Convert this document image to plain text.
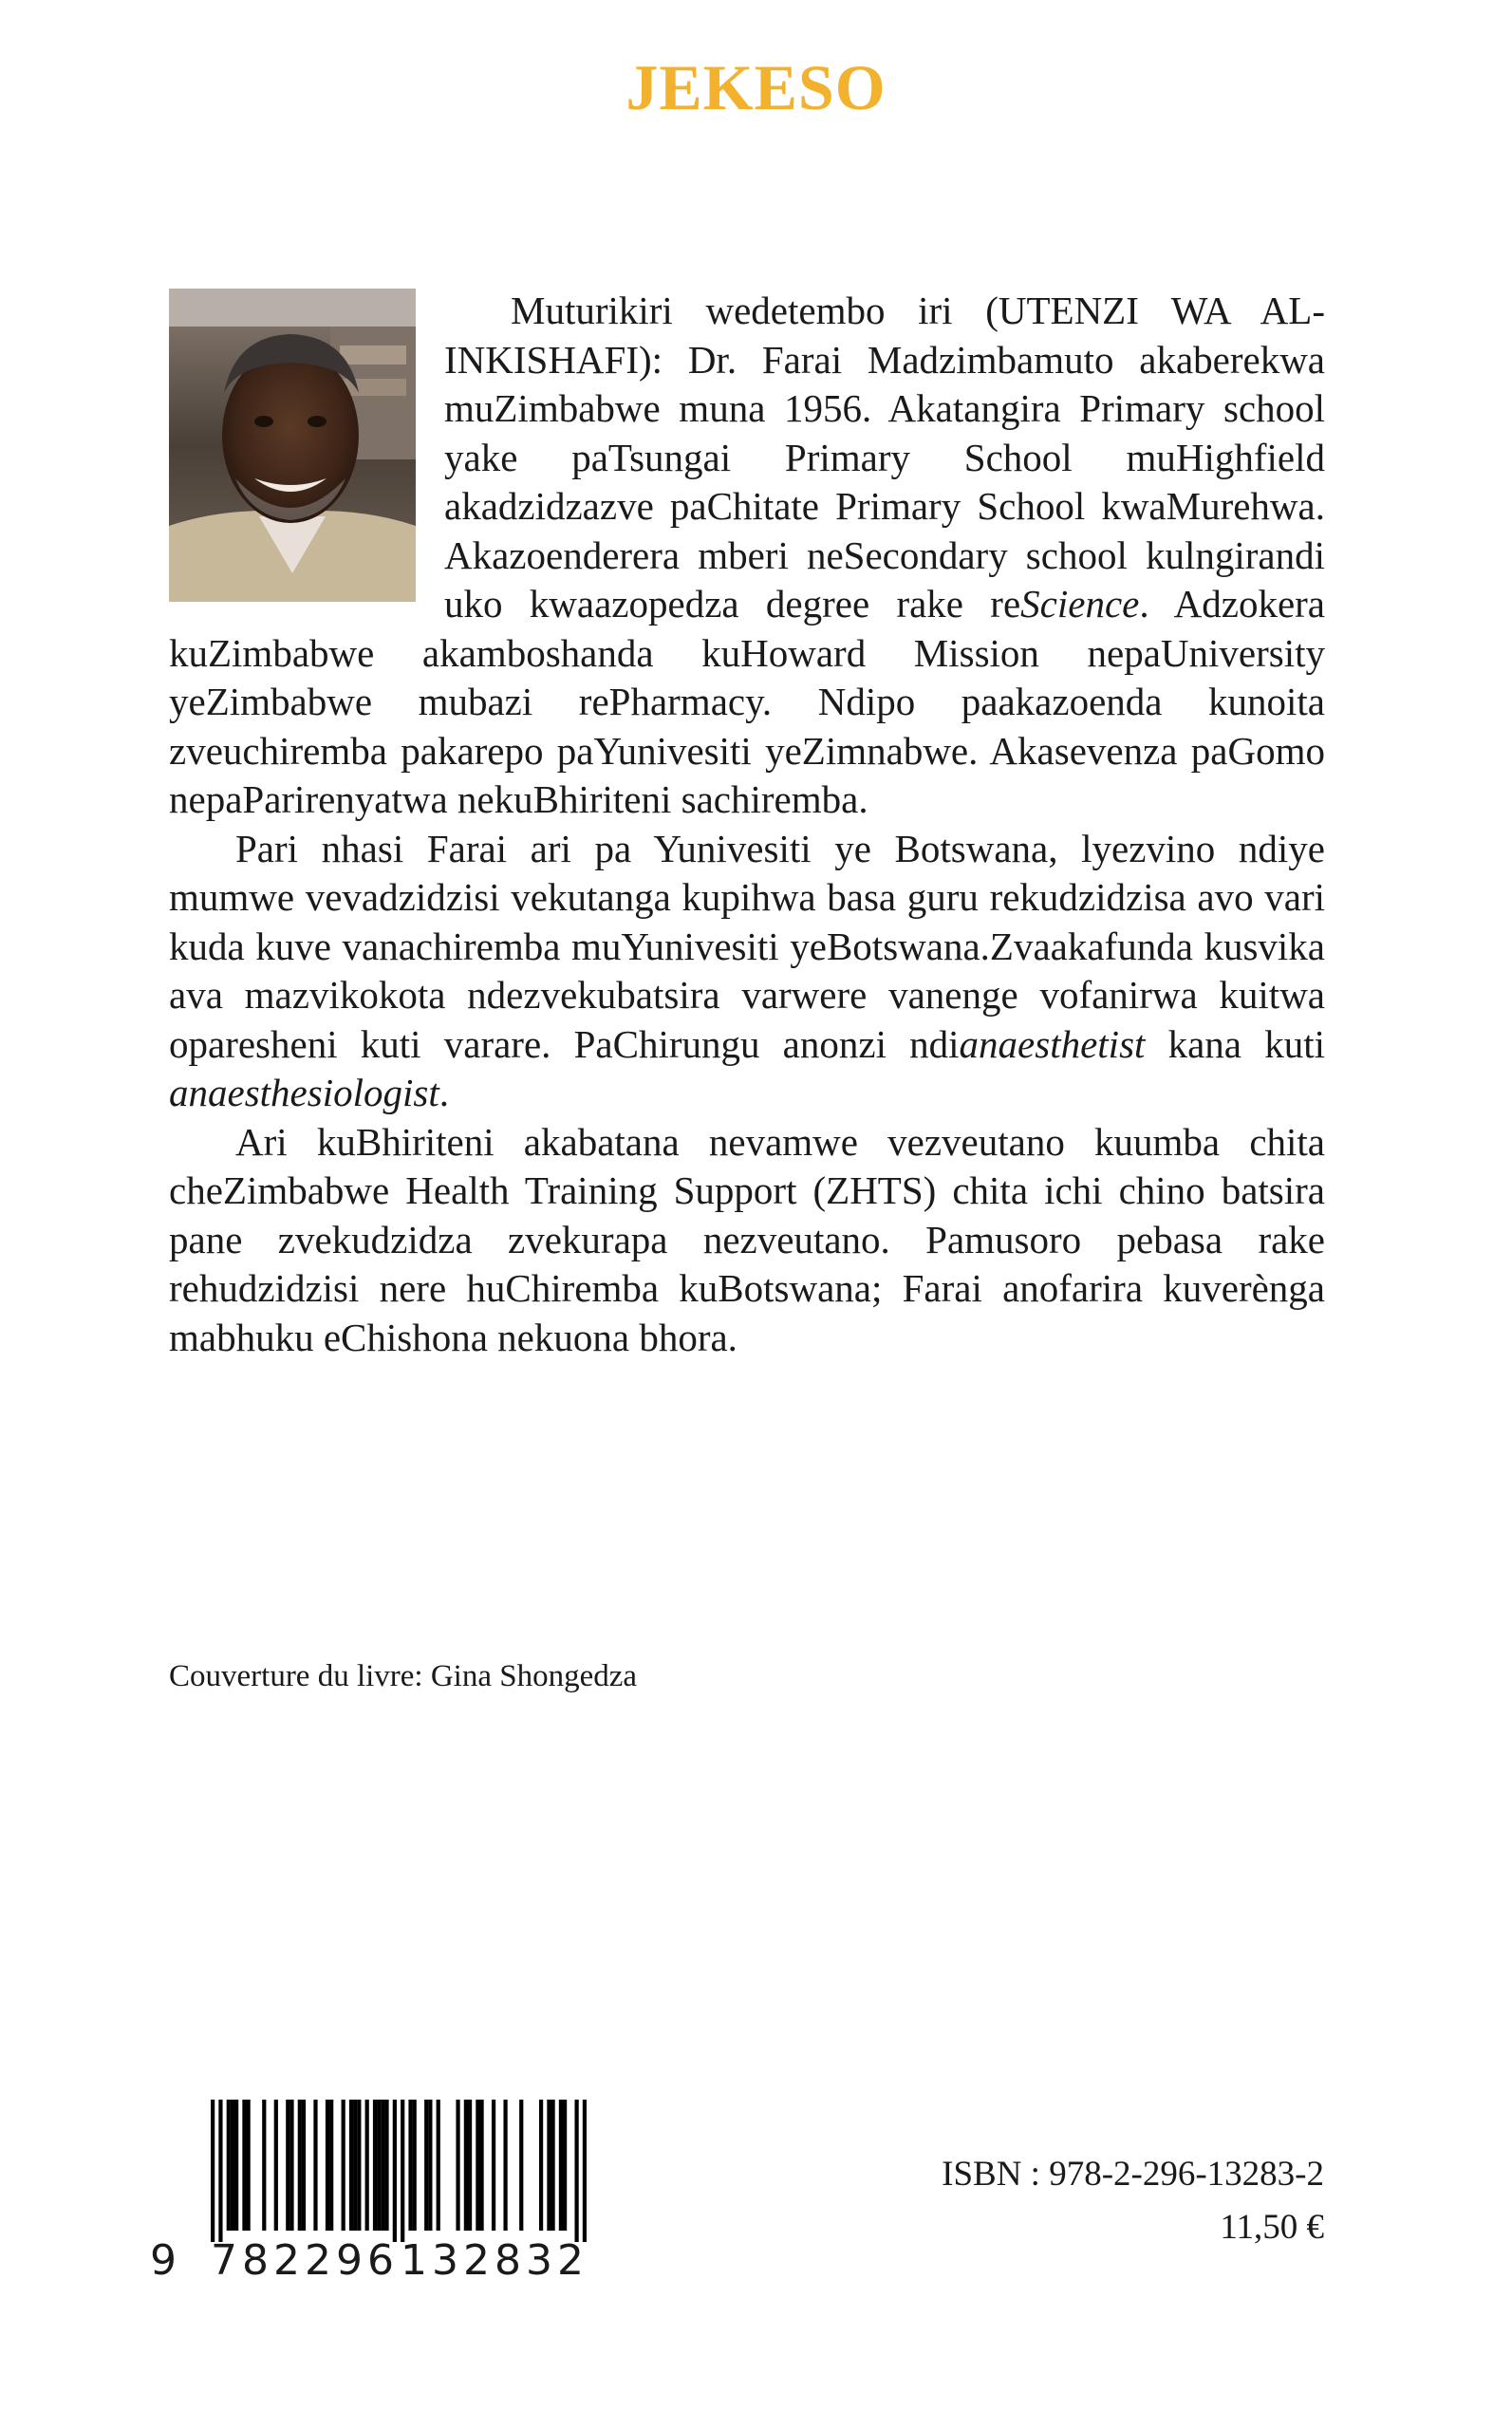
JEKESO

Muturikiri wedetembo iri (UTENZI WA AL-INKISHAFI): Dr. Farai Madzimbamuto akaberekwa muZimbabwe muna 1956. Akatangira Primary school yake paTsungai Primary School muHighfield akadzidzazve paChitate Primary School kwaMurehwa. Akazoenderera mberi neSecondary school kulngirandi uko kwaazopedza degree rake reScience. Adzokera kuZimbabwe akamboshanda kuHoward Mission nepaUniversity yeZimbabwe mubazi rePharmacy. Ndipo paakazoenda kunoita zveuchiremba pakarepo paYunivesiti yeZimnabwe. Akasevenza paGomo nepaParirenyatwa nekuBhiriteni sachiremba.

Pari nhasi Farai ari pa Yunivesiti ye Botswana, lyezvino ndiye mumwe vevadzidzisi vekutanga kupihwa basa guru rekudzidzisa avo vari kuda kuve vanachiremba muYunivesiti yeBotswana.Zvaakafunda kusvika ava mazvikokota ndezvekubatsira varwere vanenge vofanirwa kuitwa oparesheni kuti varare. PaChirungu anonzi ndianaesthetist kana kuti anaesthesiologist.

Ari kuBhiriteni akabatana nevamwe vezveutano kuumba chita cheZimbabwe Health Training Support (ZHTS) chita ichi chino batsira pane zvekudzidza zvekurapa nezveutano. Pamusoro pebasa rake rehudzidzisi nere huChiremba kuBotswana; Farai anofarira kuverènga mabhuku eChishona nekuona bhora.

Couverture du livre: Gina Shongedza

9 782296132832

ISBN : 978-2-296-13283-2

11,50 €
